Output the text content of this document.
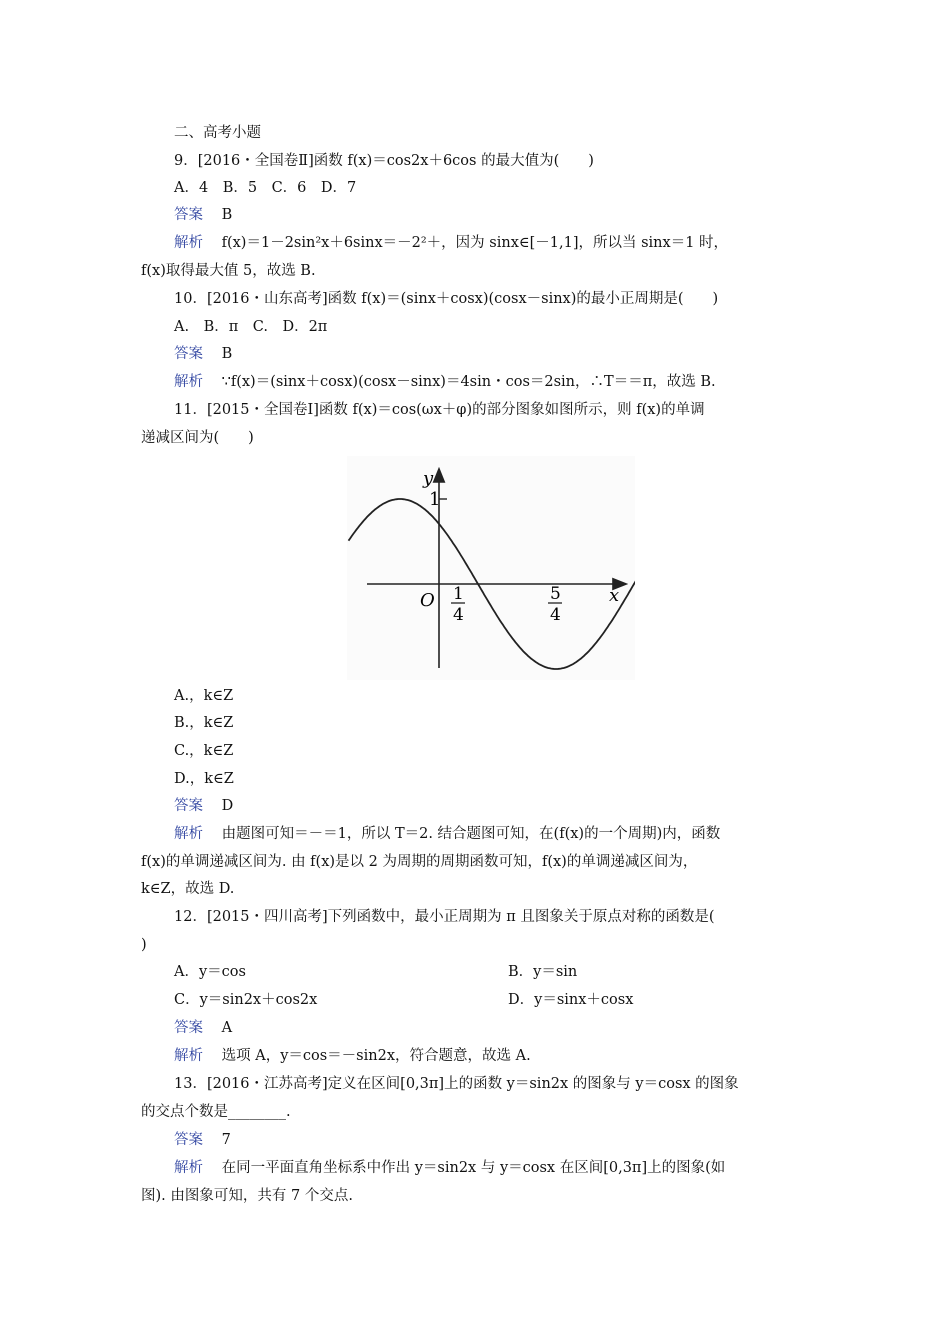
二、高考小题
9．[2016・全国卷Ⅱ]函数 f(x)＝cos2x＋6cos 的最大值为(　　)
A．4　B．5　C．6　D．7
答案 B
解析 f(x)＝1－2sin²x＋6sinx＝－2²＋，因为 sinx∈[－1,1]，所以当 sinx＝1 时，
f(x)取得最大值 5，故选 B.
10．[2016・山东高考]函数 f(x)＝(sinx＋cosx)(cosx－sinx)的最小正周期是(　　)
A.　B．π　C.　D．2π
答案 B
解析 ∵f(x)＝(sinx＋cosx)(cosx－sinx)＝4sin・cos＝2sin，∴T＝＝π，故选 B.
11．[2015・全国卷Ⅰ]函数 f(x)＝cos(ωx＋φ)的部分图象如图所示，则 f(x)的单调
递减区间为(　　)
y
1
x
O 1
4
5
4
A.，k∈Z
B.，k∈Z
C.，k∈Z
D.，k∈Z
答案 D
解析 由题图可知＝－＝1，所以 T＝2. 结合题图可知，在(f(x)的一个周期)内，函数
f(x)的单调递减区间为. 由 f(x)是以 2 为周期的周期函数可知，f(x)的单调递减区间为，
k∈Z，故选 D.
12．[2015・四川高考]下列函数中，最小正周期为 π 且图象关于原点对称的函数是(
)
A．y＝cos	B．y＝sin
C．y＝sin2x＋cos2x	D．y＝sinx＋cosx
答案 A
解析 选项 A，y＝cos＝－sin2x，符合题意，故选 A.
13．[2016・江苏高考]定义在区间[0,3π]上的函数 y＝sin2x 的图象与 y＝cosx 的图象
的交点个数是________.
答案 7
解析 在同一平面直角坐标系中作出 y＝sin2x 与 y＝cosx 在区间[0,3π]上的图象(如
图). 由图象可知，共有 7 个交点.
